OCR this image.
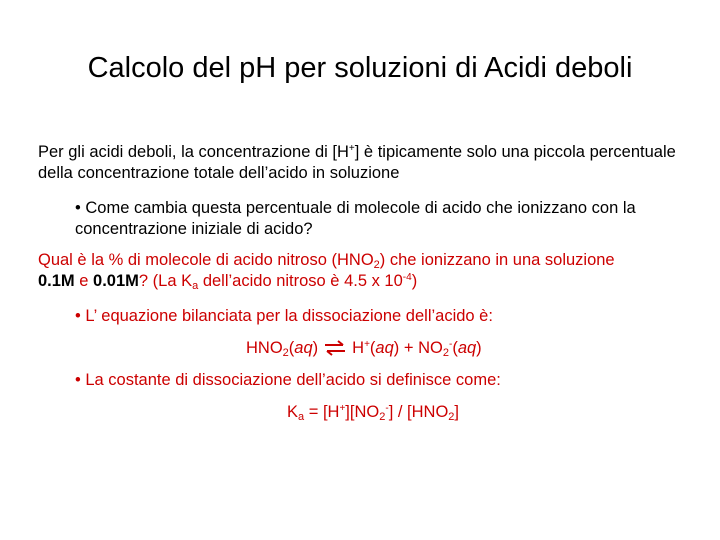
Calcolo del pH per soluzioni di Acidi deboli
Per gli acidi deboli, la concentrazione di [H+] è tipicamente solo una piccola percentuale della concentrazione totale dell’acido in soluzione
• Come cambia questa percentuale di molecole di acido che ionizzano con la concentrazione iniziale di acido?
Qual è la % di molecole di acido nitroso $(HNO_2)$ che ionizzano in una soluzione
0.1M e 0.01M? (La $K_a$ dell’acido nitroso è 4.5 x $10^{-4}$)
• L’ equazione bilanciata per la dissociazione dell’acido è:
$HNO_2(aq)$ ⇌ $H^+(aq) + NO_2^-(aq)$
• La costante di dissociazione dell’acido si definisce come:
$K_a = [H^+][NO_2^-] / [HNO_2]$
